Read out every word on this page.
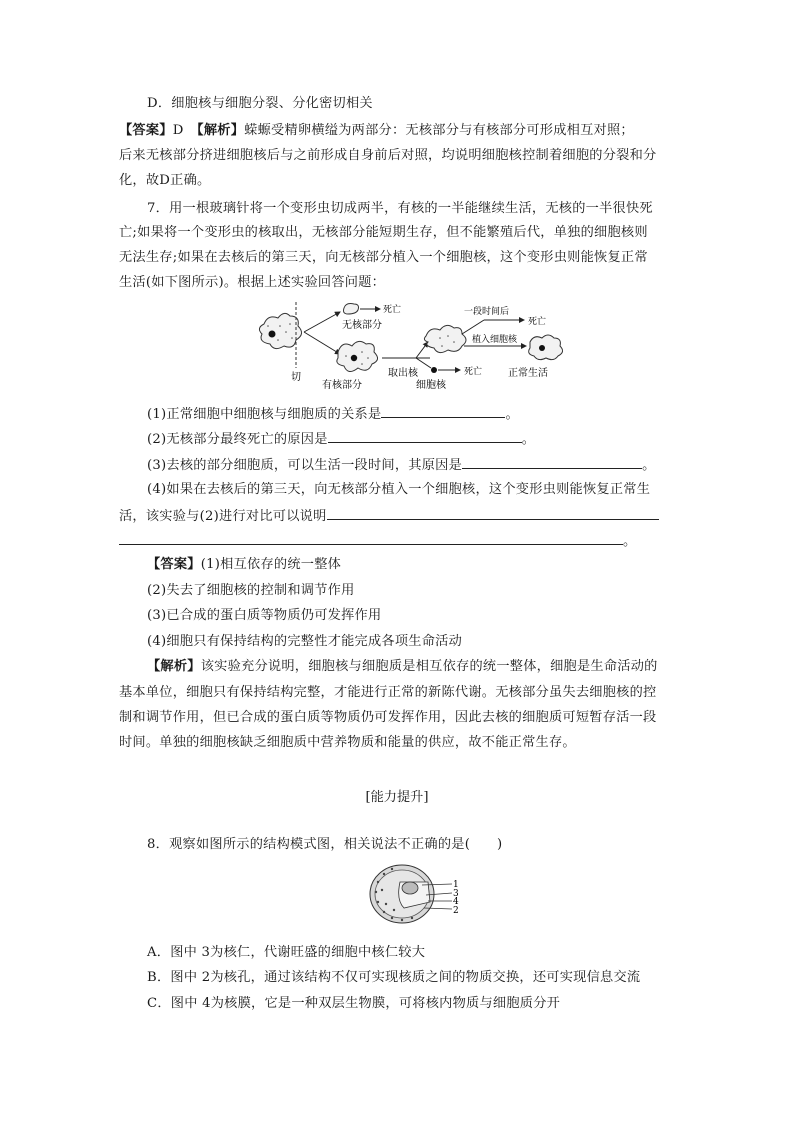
D．细胞核与细胞分裂、分化密切相关
【答案】D　【解析】蝾螈受精卵横缢为两部分：无核部分与有核部分可形成相互对照；
后来无核部分挤进细胞核后与之前形成自身前后对照，均说明细胞核控制着细胞的分裂和分
化，故D正确。
7．用一根玻璃针将一个变形虫切成两半，有核的一半能继续生活，无核的一半很快死
亡;如果将一个变形虫的核取出，无核部分能短期生存，但不能繁殖后代，单独的细胞核则
无法生存;如果在去核后的第三天，向无核部分植入一个细胞核，这个变形虫则能恢复正常
生活(如下图所示)。根据上述实验回答问题：
切
死亡
无核部分
有核部分
取出核	死亡
细胞核
一段时间后
死亡
植入细胞核
正常生活
(1)正常细胞中细胞核与细胞质的关系是	。
(2)无核部分最终死亡的原因是	。
(3)去核的部分细胞质，可以生活一段时间，其原因是	。
(4)如果在去核后的第三天，向无核部分植入一个细胞核，这个变形虫则能恢复正常生
活，该实验与(2)进行对比可以说明
。
【答案】(1)相互依存的统一整体
(2)失去了细胞核的控制和调节作用
(3)已合成的蛋白质等物质仍可发挥作用
(4)细胞只有保持结构的完整性才能完成各项生命活动
【解析】该实验充分说明，细胞核与细胞质是相互依存的统一整体，细胞是生命活动的
基本单位，细胞只有保持结构完整，才能进行正常的新陈代谢。无核部分虽失去细胞核的控
制和调节作用，但已合成的蛋白质等物质仍可发挥作用，因此去核的细胞质可短暂存活一段
时间。单独的细胞核缺乏细胞质中营养物质和能量的供应，故不能正常生存。
[能力提升]
8．观察如图所示的结构模式图，相关说法不正确的是(　　)
1
3
4
2
A．图中 3为核仁，代谢旺盛的细胞中核仁较大
B．图中 2为核孔，通过该结构不仅可实现核质之间的物质交换，还可实现信息交流
C．图中 4为核膜，它是一种双层生物膜，可将核内物质与细胞质分开
